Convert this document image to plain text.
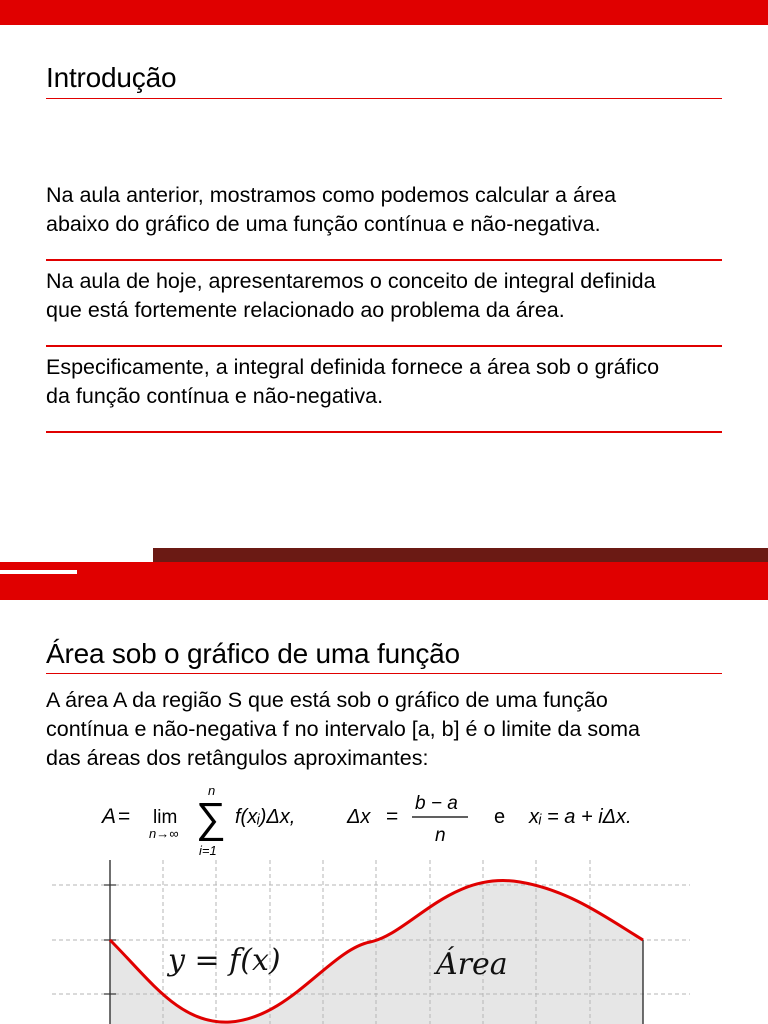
Introdução
Na aula anterior, mostramos como podemos calcular a área
abaixo do gráfico de uma função contínua e não-negativa.
Na aula de hoje, apresentaremos o conceito de integral definida
que está fortemente relacionado ao problema da área.
Especificamente, a integral definida fornece a área sob o gráfico
da função contínua e não-negativa.
Área sob o gráfico de uma função
A área A da região S que está sob o gráfico de uma função
contínua e não-negativa f no intervalo [a, b] é o limite da soma
das áreas dos retângulos aproximantes:
A = lim
n→∞
n
∑
i=1
f(xᵢ)Δx,	Δx =
b − a
n
e xᵢ = a + iΔx.
y = f(x)	Área
